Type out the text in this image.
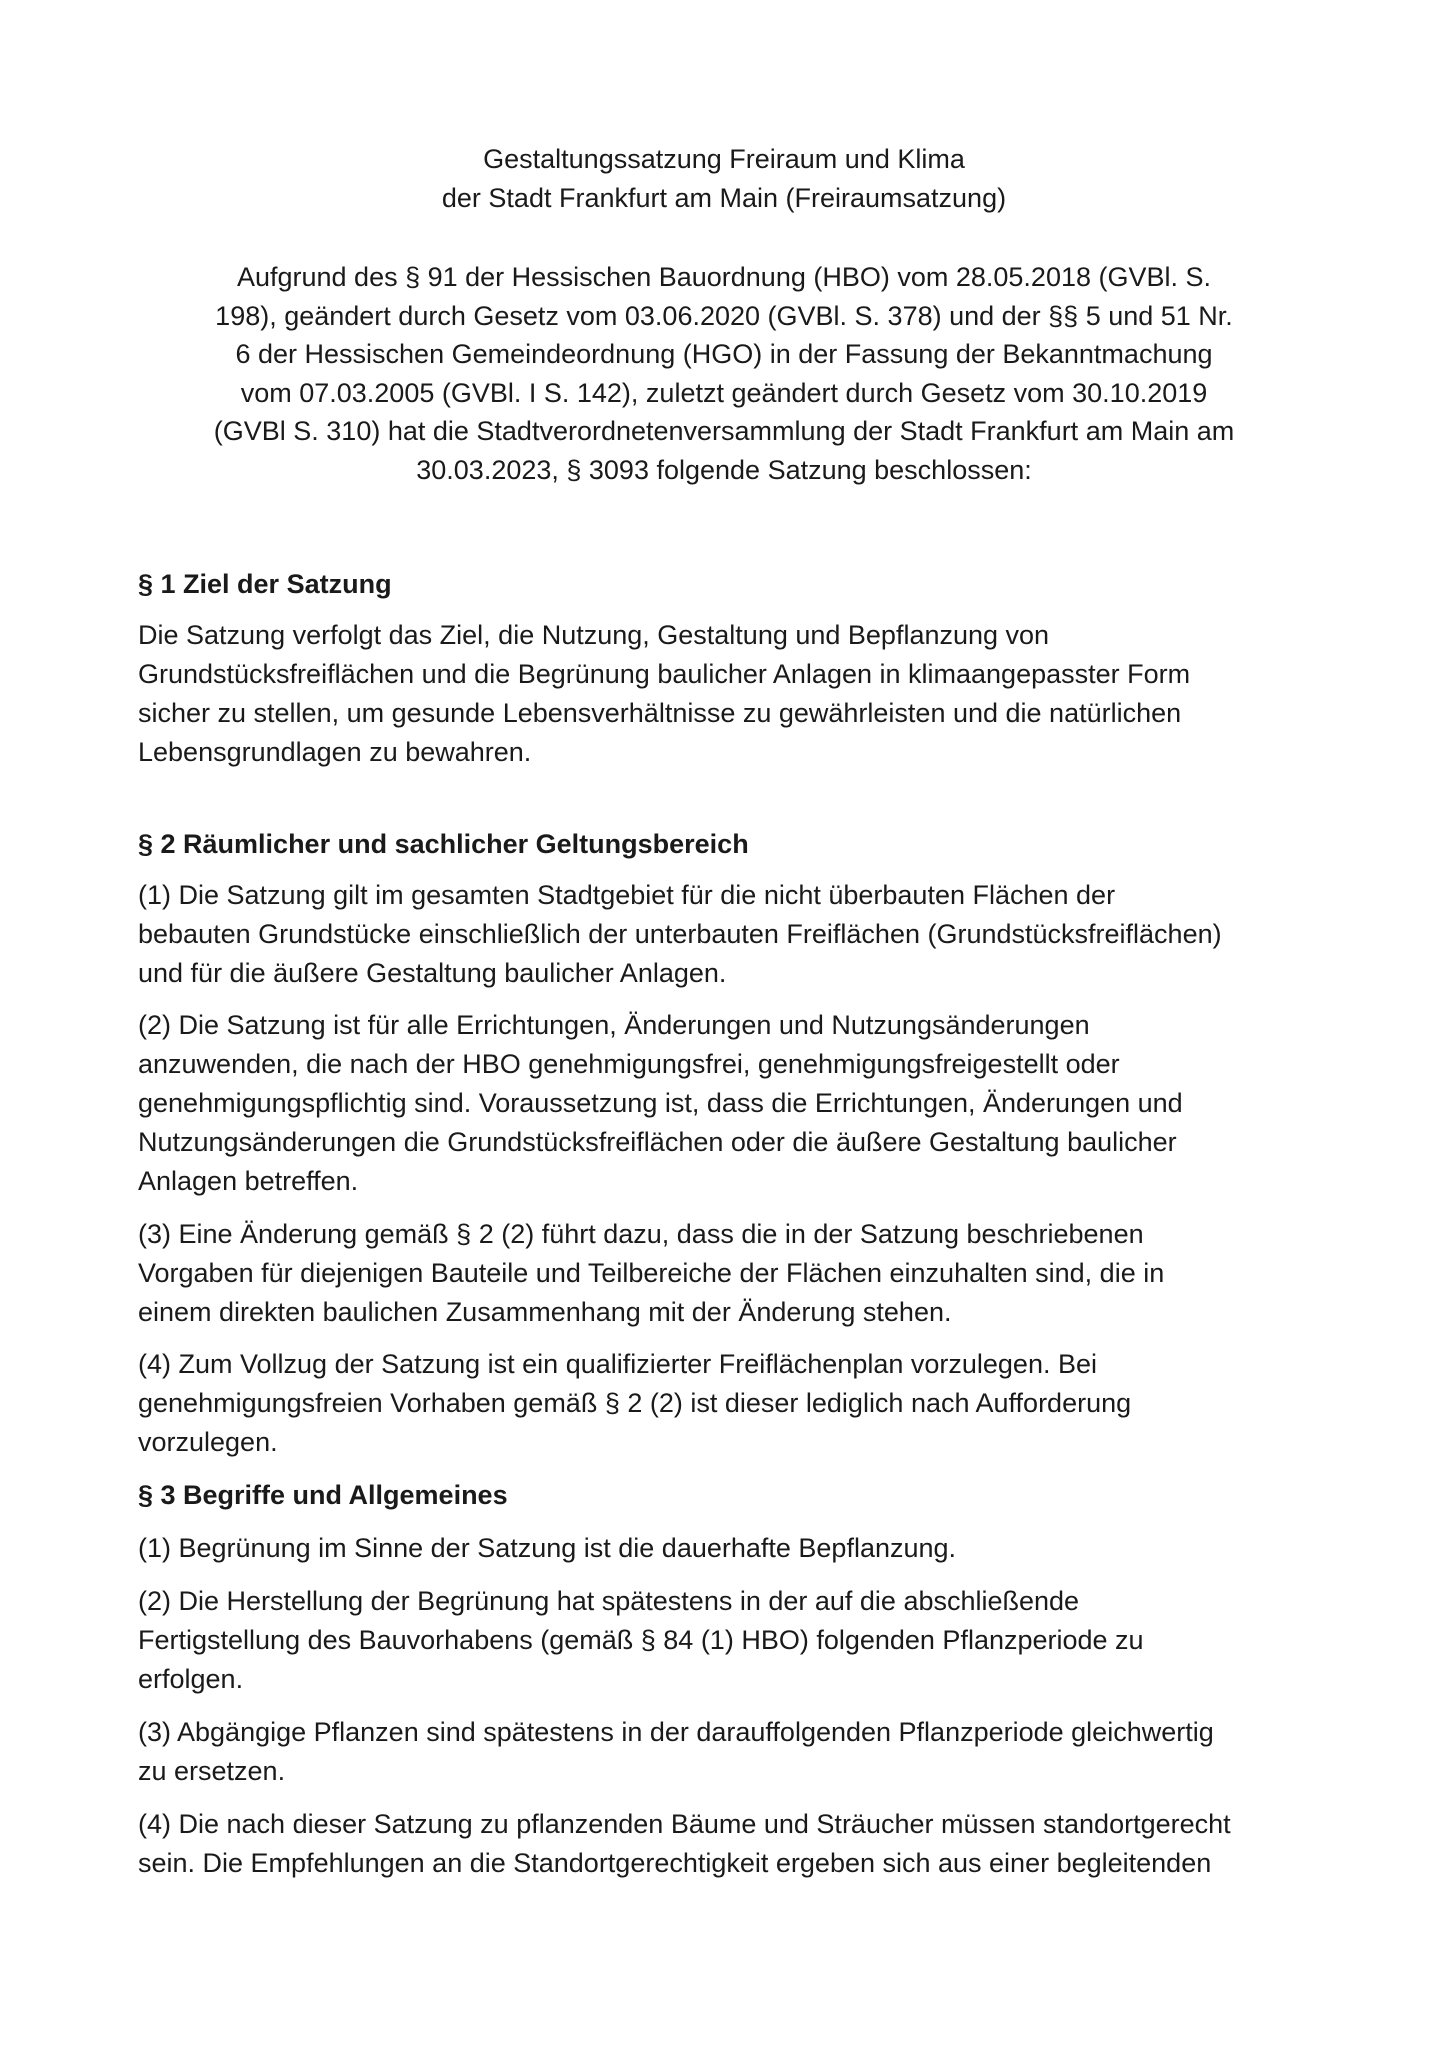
Gestaltungssatzung Freiraum und Klima
der Stadt Frankfurt am Main (Freiraumsatzung)
Aufgrund des § 91 der Hessischen Bauordnung (HBO) vom 28.05.2018 (GVBl. S.
198), geändert durch Gesetz vom 03.06.2020 (GVBl. S. 378) und der §§ 5 und 51 Nr.
6 der Hessischen Gemeindeordnung (HGO) in der Fassung der Bekanntmachung
vom 07.03.2005 (GVBl. I S. 142), zuletzt geändert durch Gesetz vom 30.10.2019
(GVBl S. 310) hat die Stadtverordnetenversammlung der Stadt Frankfurt am Main am
30.03.2023, § 3093 folgende Satzung beschlossen:
§ 1 Ziel der Satzung
Die Satzung verfolgt das Ziel, die Nutzung, Gestaltung und Bepflanzung von
Grundstücksfreiflächen und die Begrünung baulicher Anlagen in klimaangepasster Form
sicher zu stellen, um gesunde Lebensverhältnisse zu gewährleisten und die natürlichen
Lebensgrundlagen zu bewahren.
§ 2 Räumlicher und sachlicher Geltungsbereich
(1) Die Satzung gilt im gesamten Stadtgebiet für die nicht überbauten Flächen der
bebauten Grundstücke einschließlich der unterbauten Freiflächen (Grundstücksfreiflächen)
und für die äußere Gestaltung baulicher Anlagen.
(2) Die Satzung ist für alle Errichtungen, Änderungen und Nutzungsänderungen
anzuwenden, die nach der HBO genehmigungsfrei, genehmigungsfreigestellt oder
genehmigungspflichtig sind. Voraussetzung ist, dass die Errichtungen, Änderungen und
Nutzungsänderungen die Grundstücksfreiflächen oder die äußere Gestaltung baulicher
Anlagen betreffen.
(3) Eine Änderung gemäß § 2 (2) führt dazu, dass die in der Satzung beschriebenen
Vorgaben für diejenigen Bauteile und Teilbereiche der Flächen einzuhalten sind, die in
einem direkten baulichen Zusammenhang mit der Änderung stehen.
(4) Zum Vollzug der Satzung ist ein qualifizierter Freiflächenplan vorzulegen. Bei
genehmigungsfreien Vorhaben gemäß § 2 (2) ist dieser lediglich nach Aufforderung
vorzulegen.
§ 3 Begriffe und Allgemeines
(1) Begrünung im Sinne der Satzung ist die dauerhafte Bepflanzung.
(2) Die Herstellung der Begrünung hat spätestens in der auf die abschließende
Fertigstellung des Bauvorhabens (gemäß § 84 (1) HBO) folgenden Pflanzperiode zu
erfolgen.
(3) Abgängige Pflanzen sind spätestens in der darauffolgenden Pflanzperiode gleichwertig
zu ersetzen.
(4) Die nach dieser Satzung zu pflanzenden Bäume und Sträucher müssen standortgerecht
sein. Die Empfehlungen an die Standortgerechtigkeit ergeben sich aus einer begleitenden
